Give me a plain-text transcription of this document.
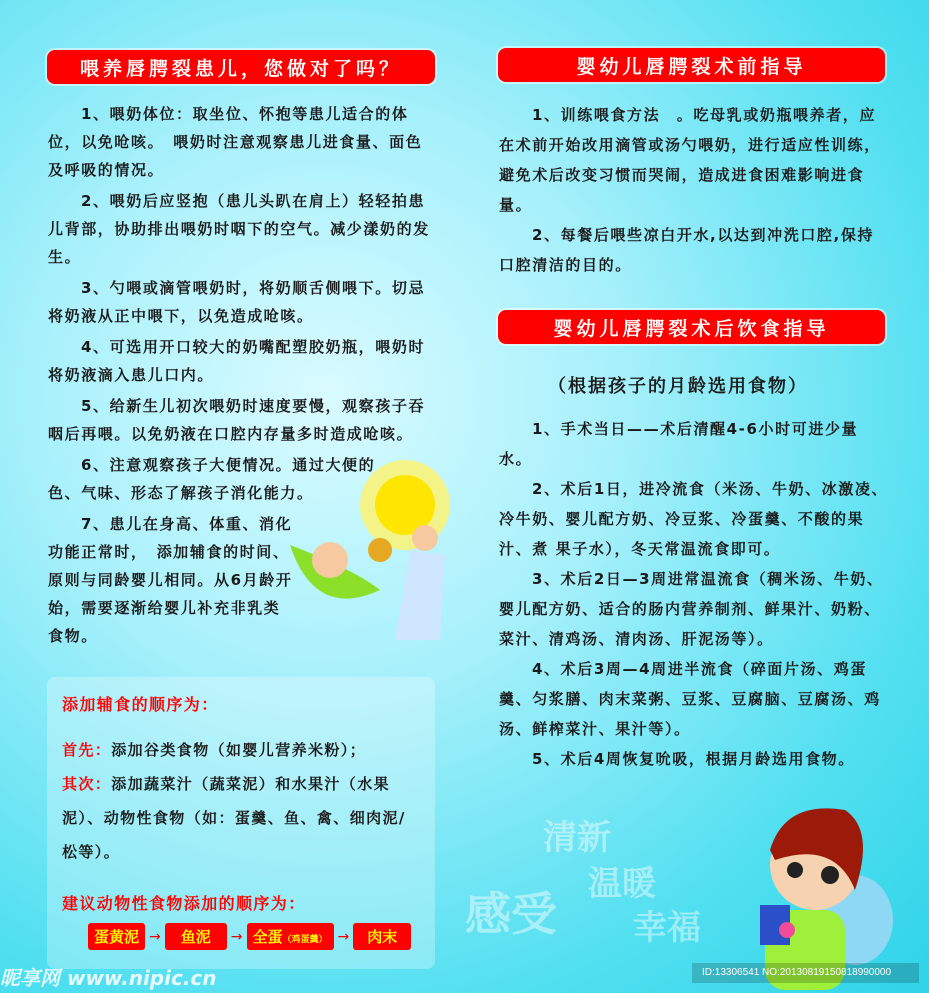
喂养唇腭裂患儿，您做对了吗？

1、喂奶体位：取坐位、怀抱等患儿适合的体位，以免呛咳。　喂奶时注意观察患儿进食量、面色及呼吸的情况。

2、喂奶后应竖抱（患儿头趴在肩上）轻轻拍患儿背部，协助排出喂奶时咽下的空气。减少漾奶的发生。

3、勺喂或滴管喂奶时，将奶顺舌侧喂下。切忌将奶液从正中喂下，以免造成呛咳。

4、可选用开口较大的奶嘴配塑胶奶瓶，喂奶时将奶液滴入患儿口内。

5、给新生儿初次喂奶时速度要慢，观察孩子吞咽后再喂。以免奶液在口腔内存量多时造成呛咳。

6、注意观察孩子大便情况。通过大便的色、气味、形态了解孩子消化能力。

7、患儿在身高、体重、消化功能正常时，　添加辅食的时间、原则与同龄婴儿相同。从6月龄开始，需要逐渐给婴儿补充非乳类食物。

添加辅食的顺序为：
首先：添加谷类食物（如婴儿营养米粉）；
其次：添加蔬菜汁（蔬菜泥）和水果汁（水果泥）、动物性食物（如：蛋羹、鱼、禽、细肉泥/松等）。
建议动物性食物添加的顺序为：
蛋黄泥 →	鱼泥	→ 全蛋（鸡蛋羹） →	肉末
婴幼儿唇腭裂术前指导

1、训练喂食方法　。吃母乳或奶瓶喂养者，应在术前开始改用滴管或汤勺喂奶，进行适应性训练，避免术后改变习惯而哭闹，造成进食困难影响进食量。

2、每餐后喂些凉白开水,以达到冲洗口腔,保持口腔清洁的目的。

婴幼儿唇腭裂术后饮食指导
（根据孩子的月龄选用食物）

1、手术当日——术后清醒4-6小时可进少量水。

2、术后1日，进冷流食（米汤、牛奶、冰激凌、冷牛奶、婴儿配方奶、冷豆浆、冷蛋羹、不酸的果汁、煮 果子水），冬天常温流食即可。

3、术后2日—3周进常温流食（稠米汤、牛奶、婴儿配方奶、适合的肠内营养制剂、鲜果汁、奶粉、菜汁、清鸡汤、清肉汤、肝泥汤等）。

4、术后3周—4周进半流食（碎面片汤、鸡蛋羹、匀浆膳、肉末菜粥、豆浆、豆腐脑、豆腐汤、鸡汤、鲜榨菜汁、果汁等）。

5、术后4周恢复吮吸，根据月龄选用食物。

清新
温暖
感受 幸福
昵享网 www.nipic.cn	ID:13306541 NO:20130819150818990000
